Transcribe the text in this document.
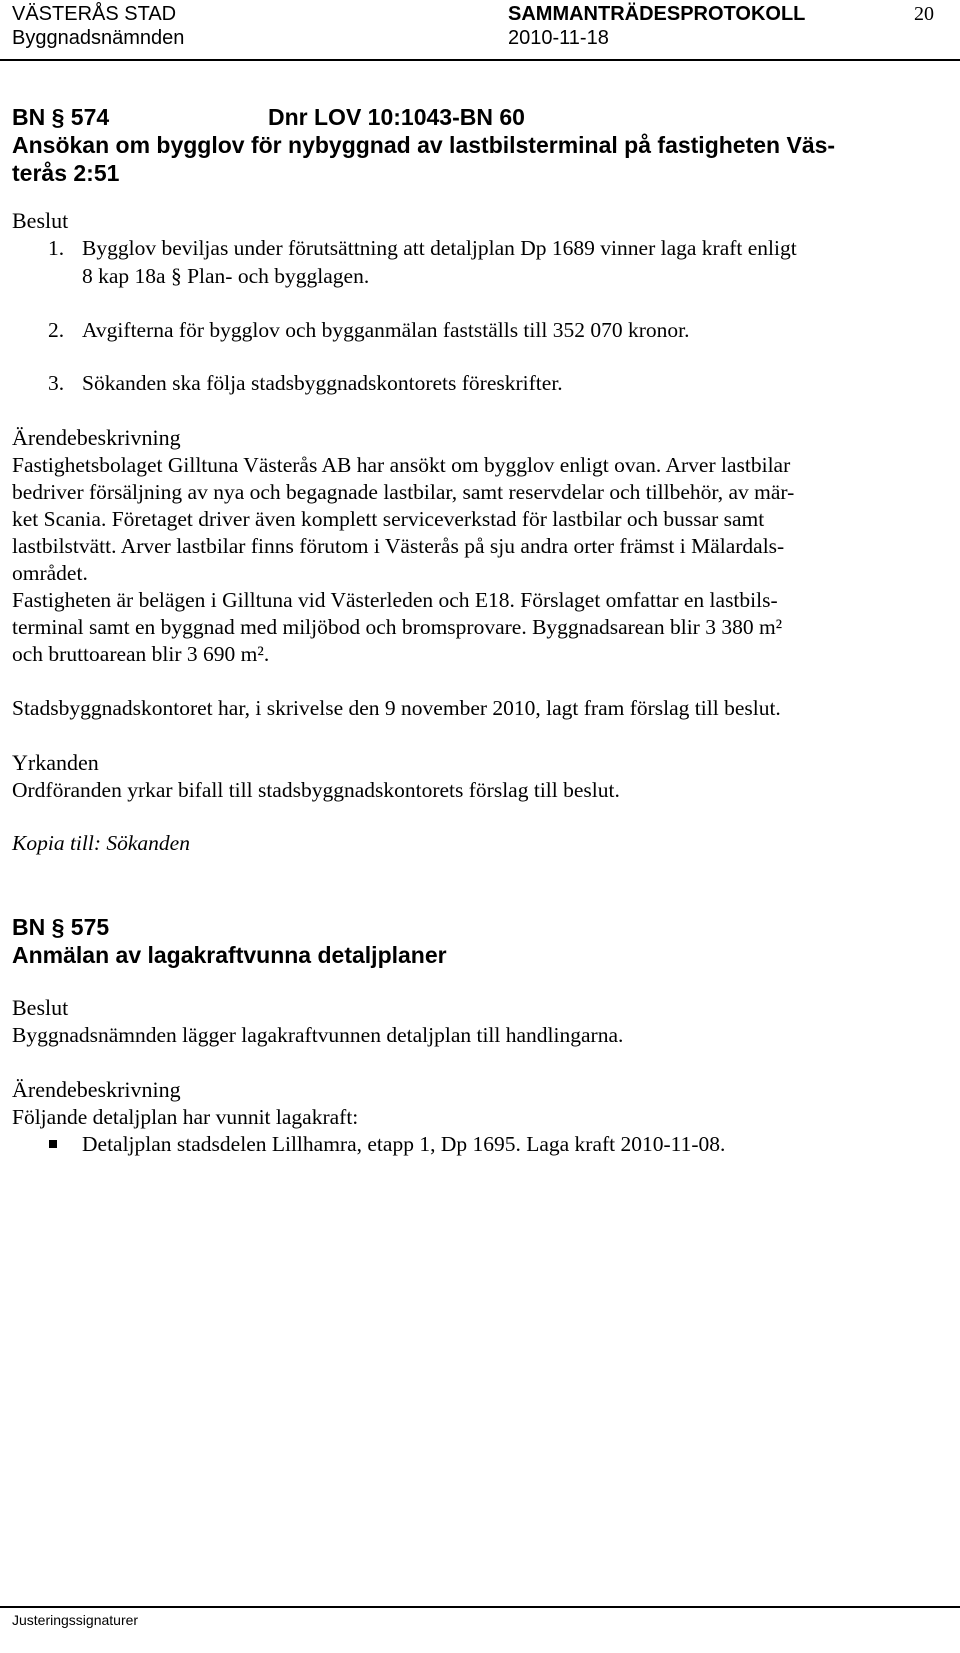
VÄSTERÅS STAD	SAMMANTRÄDESPROTOKOLL	20
Byggnadsnämnden	2010-11-18
BN § 574	Dnr LOV 10:1043-BN 60
Ansökan om bygglov för nybyggnad av lastbilsterminal på fastigheten Väs-
terås 2:51
Beslut
1. Bygglov beviljas under förutsättning att detaljplan Dp 1689 vinner laga kraft enligt
8 kap 18a § Plan- och bygglagen.
2. Avgifterna för bygglov och bygganmälan fastställs till 352 070 kronor.
3. Sökanden ska följa stadsbyggnadskontorets föreskrifter.
Ärendebeskrivning
Fastighetsbolaget Gilltuna Västerås AB har ansökt om bygglov enligt ovan. Arver lastbilar
bedriver försäljning av nya och begagnade lastbilar, samt reservdelar och tillbehör, av mär-
ket Scania. Företaget driver även komplett serviceverkstad för lastbilar och bussar samt
lastbilstvätt. Arver lastbilar finns förutom i Västerås på sju andra orter främst i Mälardals-
området.
Fastigheten är belägen i Gilltuna vid Västerleden och E18. Förslaget omfattar en lastbils-
terminal samt en byggnad med miljöbod och bromsprovare. Byggnadsarean blir 3 380 m²
och bruttoarean blir 3 690 m².
Stadsbyggnadskontoret har, i skrivelse den 9 november 2010, lagt fram förslag till beslut.
Yrkanden
Ordföranden yrkar bifall till stadsbyggnadskontorets förslag till beslut.
Kopia till: Sökanden
BN § 575
Anmälan av lagakraftvunna detaljplaner
Beslut
Byggnadsnämnden lägger lagakraftvunnen detaljplan till handlingarna.
Ärendebeskrivning
Följande detaljplan har vunnit lagakraft:
Detaljplan stadsdelen Lillhamra, etapp 1, Dp 1695. Laga kraft 2010-11-08.
Justeringssignaturer
